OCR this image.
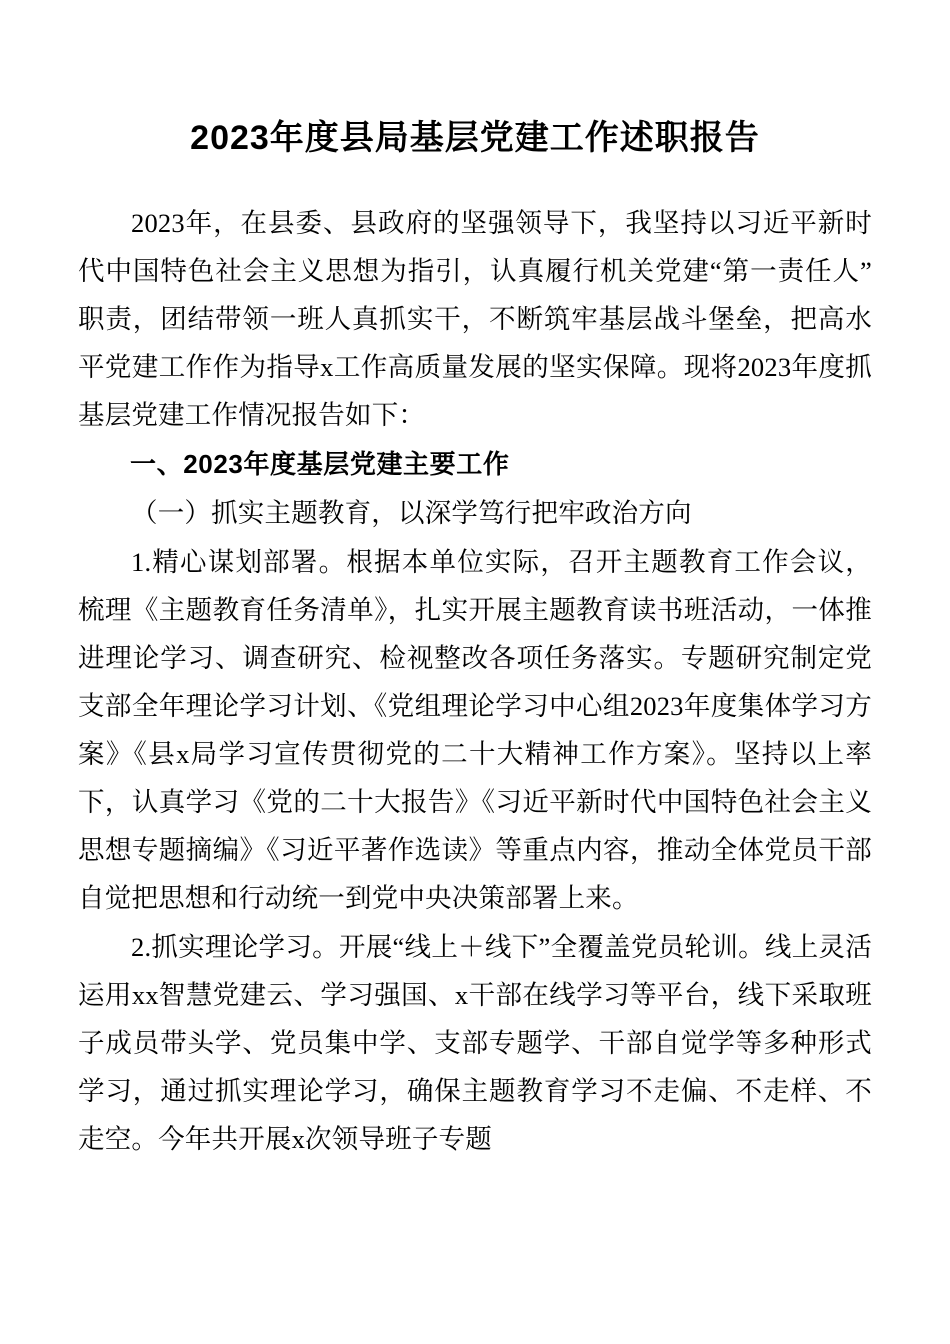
2023年度县局基层党建工作述职报告

2023年，在县委、县政府的坚强领导下，我坚持以习近平新时代中国特色社会主义思想为指引，认真履行机关党建“第一责任人”职责，团结带领一班人真抓实干，不断筑牢基层战斗堡垒，把高水平党建工作作为指导x工作高质量发展的坚实保障。现将2023年度抓基层党建工作情况报告如下：

一、2023年度基层党建主要工作

（一）抓实主题教育，以深学笃行把牢政治方向

1.精心谋划部署。根据本单位实际，召开主题教育工作会议，梳理《主题教育任务清单》，扎实开展主题教育读书班活动，一体推进理论学习、调查研究、检视整改各项任务落实。专题研究制定党支部全年理论学习计划、《党组理论学习中心组2023年度集体学习方案》《县x局学习宣传贯彻党的二十大精神工作方案》。坚持以上率下，认真学习《党的二十大报告》《习近平新时代中国特色社会主义思想专题摘编》《习近平著作选读》等重点内容，推动全体党员干部自觉把思想和行动统一到党中央决策部署上来。

2.抓实理论学习。开展“线上＋线下”全覆盖党员轮训。线上灵活运用xx智慧党建云、学习强国、x干部在线学习等平台，线下采取班子成员带头学、党员集中学、支部专题学、干部自觉学等多种形式学习，通过抓实理论学习，确保主题教育学习不走偏、不走样、不走空。今年共开展x次领导班子专题
